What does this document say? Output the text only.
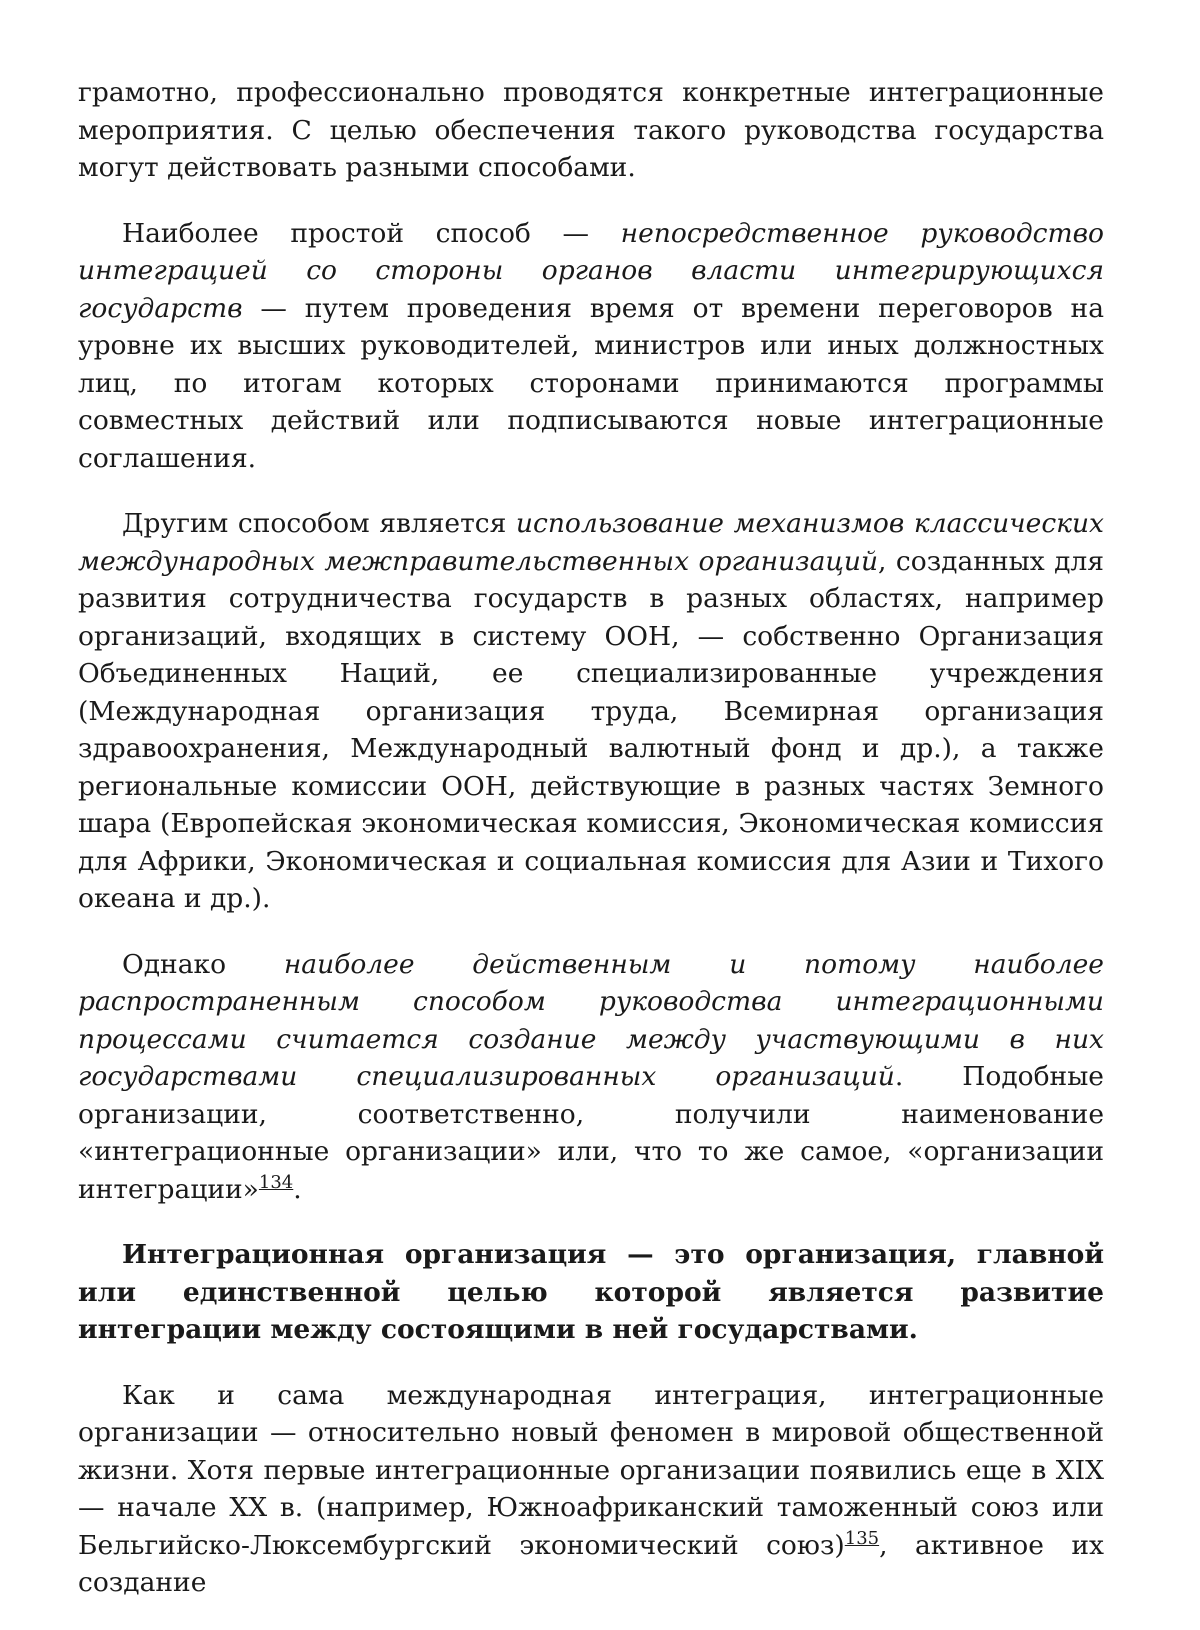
грамотно, профессионально проводятся конкретные интеграционные мероприятия. С целью обеспечения такого руководства государства могут действовать разными способами.

Наиболее простой способ — непосредственное руководство интеграцией со стороны органов власти интегрирующихся государств — путем проведения время от времени переговоров на уровне их высших руководителей, министров или иных должностных лиц, по итогам которых сторонами принимаются программы совместных действий или подписываются новые интеграционные соглашения.

Другим способом является использование механизмов классических международных межправительственных организаций, созданных для развития сотрудничества государств в разных областях, например организаций, входящих в систему ООН, — собственно Организация Объединенных Наций, ее специализированные учреждения (Международная организация труда, Всемирная организация здравоохранения, Международный валютный фонд и др.), а также региональные комиссии ООН, действующие в разных частях Земного шара (Европейская экономическая комиссия, Экономическая комиссия для Африки, Экономическая и социальная комиссия для Азии и Тихого океана и др.).

Однако наиболее действенным и потому наиболее распространенным способом руководства интеграционными процессами считается создание между участвующими в них государствами специализированных организаций. Подобные организации, соответственно, получили наименование «интеграционные организации» или, что то же самое, «организации интеграции»$^{134}$.

Интеграционная организация — это организация, главной или единственной целью которой является развитие интеграции между состоящими в ней государствами.

Как и сама международная интеграция, интеграционные организации — относительно новый феномен в мировой общественной жизни. Хотя первые интеграционные организации появились еще в XIX — начале XX в. (например, Южноафриканский таможенный союз или Бельгийско-Люксембургский экономический союз)$^{135}$, активное их создание
